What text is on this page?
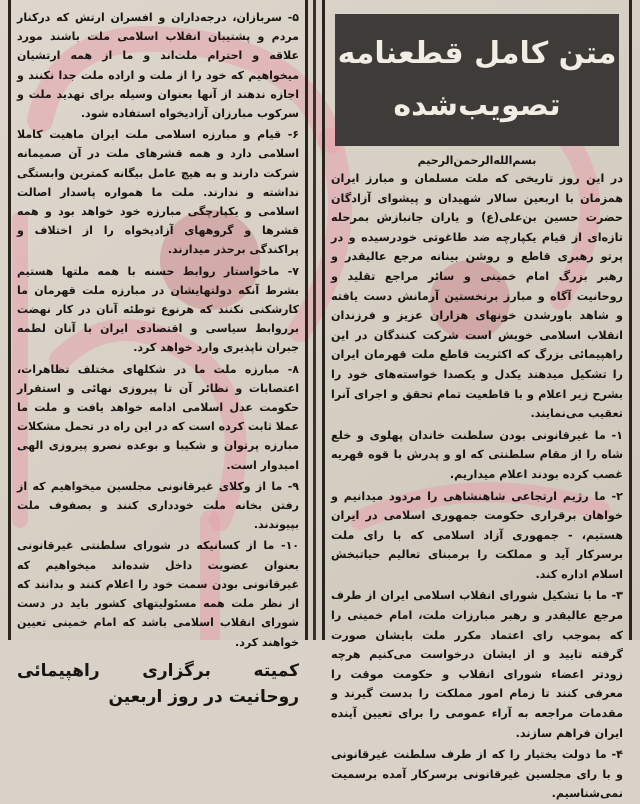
متن کامل قطعنامه
تصویب‌شده
بسم‌الله‌الرحمن‌الرحیم

در این روز تاریخی که ملت مسلمان و مبارز ایران همزمان با اربعین سالار شهیدان و پیشوای آزادگان حضرت حسین بن‌علی(ع) و یاران جانبازش بمرحله تازه‌ای از قیام یکپارچه ضد طاغوتی خودرسیده و در پرتو رهبری قاطع و روشن بینانه مرجع عالیقدر و رهبر بزرگ امام خمینی و سائر مراجع تقلید و روحانیت آگاه و مبارز برنخستین آرمانش دست یافته و شاهد باورشدن خونهای هزاران عزیز و فرزندان انقلاب اسلامی خویش است شرکت کنندگان در این راهپیمائی بزرگ که اکثریت قاطع ملت قهرمان ایران را تشکیل میدهند یکدل و یکصدا خواسته‌های خود را بشرح زیر اعلام و با قاطعیت تمام تحقق و اجرای آنرا تعقیب می‌نمایند.

۱- ما غیرقانونی بودن سلطنت خاندان پهلوی و خلع شاه را از مقام سلطنتی که او و پدرش با قوه قهریه غصب کرده بودند اعلام میداریم.

۲- ما رژیم ارتجاعی شاهنشاهی را مردود میدانیم و خواهان برقراری حکومت جمهوری اسلامی در ایران هستیم، - جمهوری آزاد اسلامی که با رای ملت برسرکار آید و مملکت را برمبنای تعالیم حیاتبخش اسلام اداره کند.

۳- ما با تشکیل شورای انقلاب اسلامی ایران از طرف مرجع عالیقدر و رهبر مبارزات ملت، امام خمینی را که بموجب رای اعتماد مکرر ملت بایشان صورت گرفته تایید و از ایشان درخواست می‌کنیم هرچه زودتر اعضاء شورای انقلاب و حکومت موقت را معرفی کنند تا زمام امور مملکت را بدست گیرند و مقدمات مراجعه به آراء عمومی را برای تعیین آینده ایران فراهم سازند.

۴- ما دولت بختیار را که از طرف سلطنت غیرقانونی و با رای مجلسین غیرقانونی برسرکار آمده برسمیت نمی‌شناسیم.

۵- سربازان، درجه‌داران و افسران ارتش که درکنار مردم و پشتیبان انقلاب اسلامی ملت باشند مورد علاقه و احترام ملت‌اند و ما از همه ارتشیان میخواهیم که خود را از ملت و اراده ملت جدا نکنند و اجازه ندهند از آنها بعنوان وسیله برای تهدید ملت و سرکوب مبارزان آزادیخواه استفاده شود.

۶- قیام و مبارزه اسلامی ملت ایران ماهیت کاملا اسلامی دارد و همه قشرهای ملت در آن صمیمانه شرکت دارند و به هیچ عامل بیگانه کمترین وابستگی نداشته و ندارند. ملت ما همواره پاسدار اصالت اسلامی و یکپارچگی مبارزه خود خواهد بود و همه قشرها و گروههای آزادیخواه را از اختلاف و پراکندگی برحذر میدارند.

۷- ماخواستار روابط حسنه با همه ملتها هستیم بشرط آنکه دولتهایشان در مبارزه ملت قهرمان ما کارشکنی نکنند که هرنوع توطئه آنان در کار نهضت برروابط سیاسی و اقتصادی ایران با آنان لطمه جبران ناپذیری وارد خواهد کرد.

۸- مبارزه ملت ما در شکلهای مختلف تظاهرات، اعتصابات و نظائر آن تا پیروزی نهائی و استقرار حکومت عدل اسلامی ادامه خواهد یافت و ملت ما عملا ثابت کرده است که در این راه در تحمل مشکلات مبارزه پرتوان و شکیبا و بوعده نصرو پیروزی الهی امیدوار است.

۹- ما از وکلای غیرقانونی مجلسین میخواهیم که از رفتن بخانه ملت خودداری کنند و بصفوف ملت بپیوندند.

۱۰- ما از کسانیکه در شورای سلطنتی غیرقانونی بعنوان عضویت داخل شده‌اند میخواهیم که غیرقانونی بودن سمت خود را اعلام کنند و بدانند که از نظر ملت همه مسئولیتهای کشور باید در دست شورای انقلاب اسلامی باشد که امام خمینی تعیین خواهند کرد.

کمیته برگزاری راهپیمائی روحانیت در روز اربعین
